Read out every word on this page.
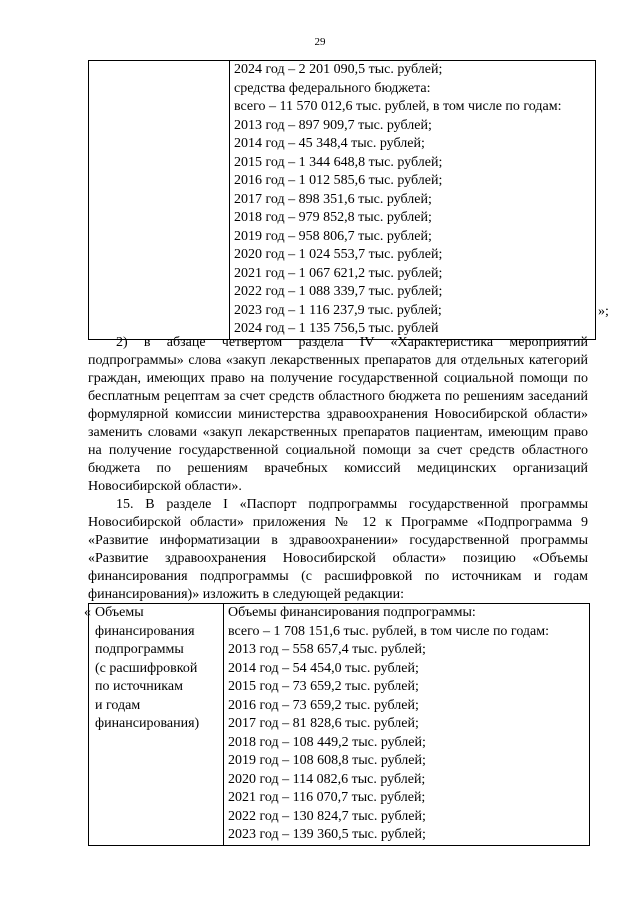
29

2024 год – 2 201 090,5 тыс. рублей;
средства федерального бюджета:
всего – 11 570 012,6 тыс. рублей, в том числе по годам:
2013 год – 897 909,7 тыс. рублей;
2014 год – 45 348,4 тыс. рублей;
2015 год – 1 344 648,8 тыс. рублей;
2016 год – 1 012 585,6 тыс. рублей;
2017 год – 898 351,6 тыс. рублей;
2018 год – 979 852,8 тыс. рублей;
2019 год – 958 806,7 тыс. рублей;
2020 год – 1 024 553,7 тыс. рублей;
2021 год – 1 067 621,2 тыс. рублей;
2022 год – 1 088 339,7 тыс. рублей;
2023 год – 1 116 237,9 тыс. рублей;
2024 год – 1 135 756,5 тыс. рублей
»;
2) в абзаце четвертом раздела IV «Характеристика мероприятий
подпрограммы» слова «закуп лекарственных препаратов для отдельных категорий
граждан, имеющих право на получение государственной социальной помощи по
бесплатным рецептам за счет средств областного бюджета по решениям заседаний
формулярной комиссии министерства здравоохранения Новосибирской области»
заменить словами «закуп лекарственных препаратов пациентам, имеющим право
на получение государственной социальной помощи за счет средств областного
бюджета по решениям врачебных комиссий медицинских организаций
Новосибирской области».
15. В разделе I «Паспорт подпрограммы государственной программы
Новосибирской области» приложения № 12 к Программе «Подпрограмма 9
«Развитие информатизации в здравоохранении» государственной программы
«Развитие здравоохранения Новосибирской области» позицию «Объемы
финансирования подпрограммы (с расшифровкой по источникам и годам
финансирования)» изложить в следующей редакции:
« Объемы
финансирования
подпрограммы
(с расшифровкой
по источникам
и годам
финансирования)

Объемы финансирования подпрограммы:
всего – 1 708 151,6 тыс. рублей, в том числе по годам:
2013 год – 558 657,4 тыс. рублей;
2014 год – 54 454,0 тыс. рублей;
2015 год – 73 659,2 тыс. рублей;
2016 год – 73 659,2 тыс. рублей;
2017 год – 81 828,6 тыс. рублей;
2018 год – 108 449,2 тыс. рублей;
2019 год – 108 608,8 тыс. рублей;
2020 год – 114 082,6 тыс. рублей;
2021 год – 116 070,7 тыс. рублей;
2022 год – 130 824,7 тыс. рублей;
2023 год – 139 360,5 тыс. рублей;
